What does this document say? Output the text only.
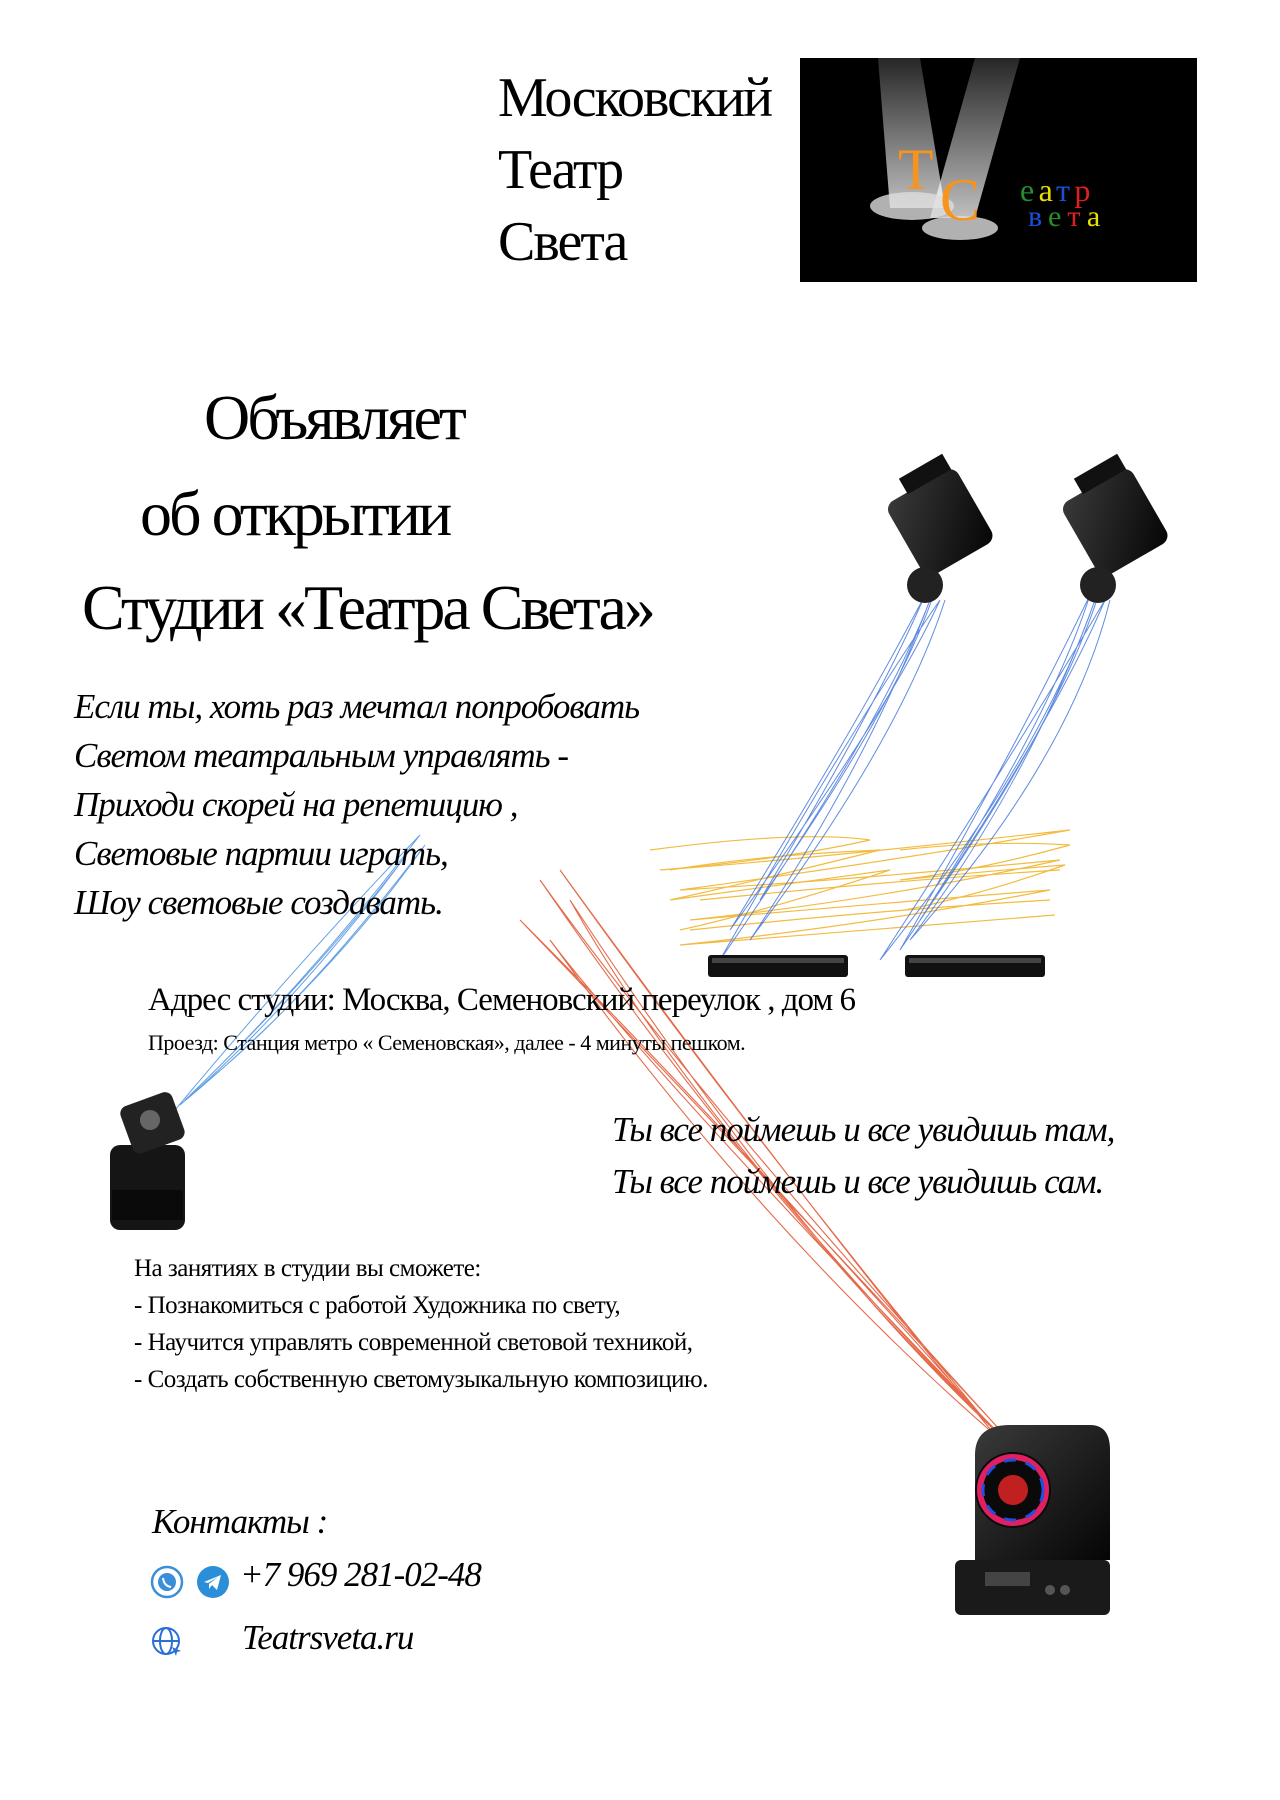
Московский
Театр
Света
Т С еатр
вета
Объявляет
об открытии
Студии «Театра Света»
Если ты, хоть раз мечтал попробовать
Светом театральным управлять -
Приходи скорей на репетицию ,
Световые партии играть,
Шоу световые создавать.
Адрес студии: Москва, Семеновский переулок , дом 6
Проезд: Станция метро « Семеновская», далее - 4 минуты пешком.
Ты все поймешь и все увидишь там,
Ты все поймешь и все увидишь сам.
На занятиях в студии вы сможете:
- Познакомиться с работой Художника по свету,
- Научится управлять современной световой техникой,
- Создать собственную светомузыкальную композицию.
Контакты :
+7 969 281-02-48
Teatrsveta.ru
